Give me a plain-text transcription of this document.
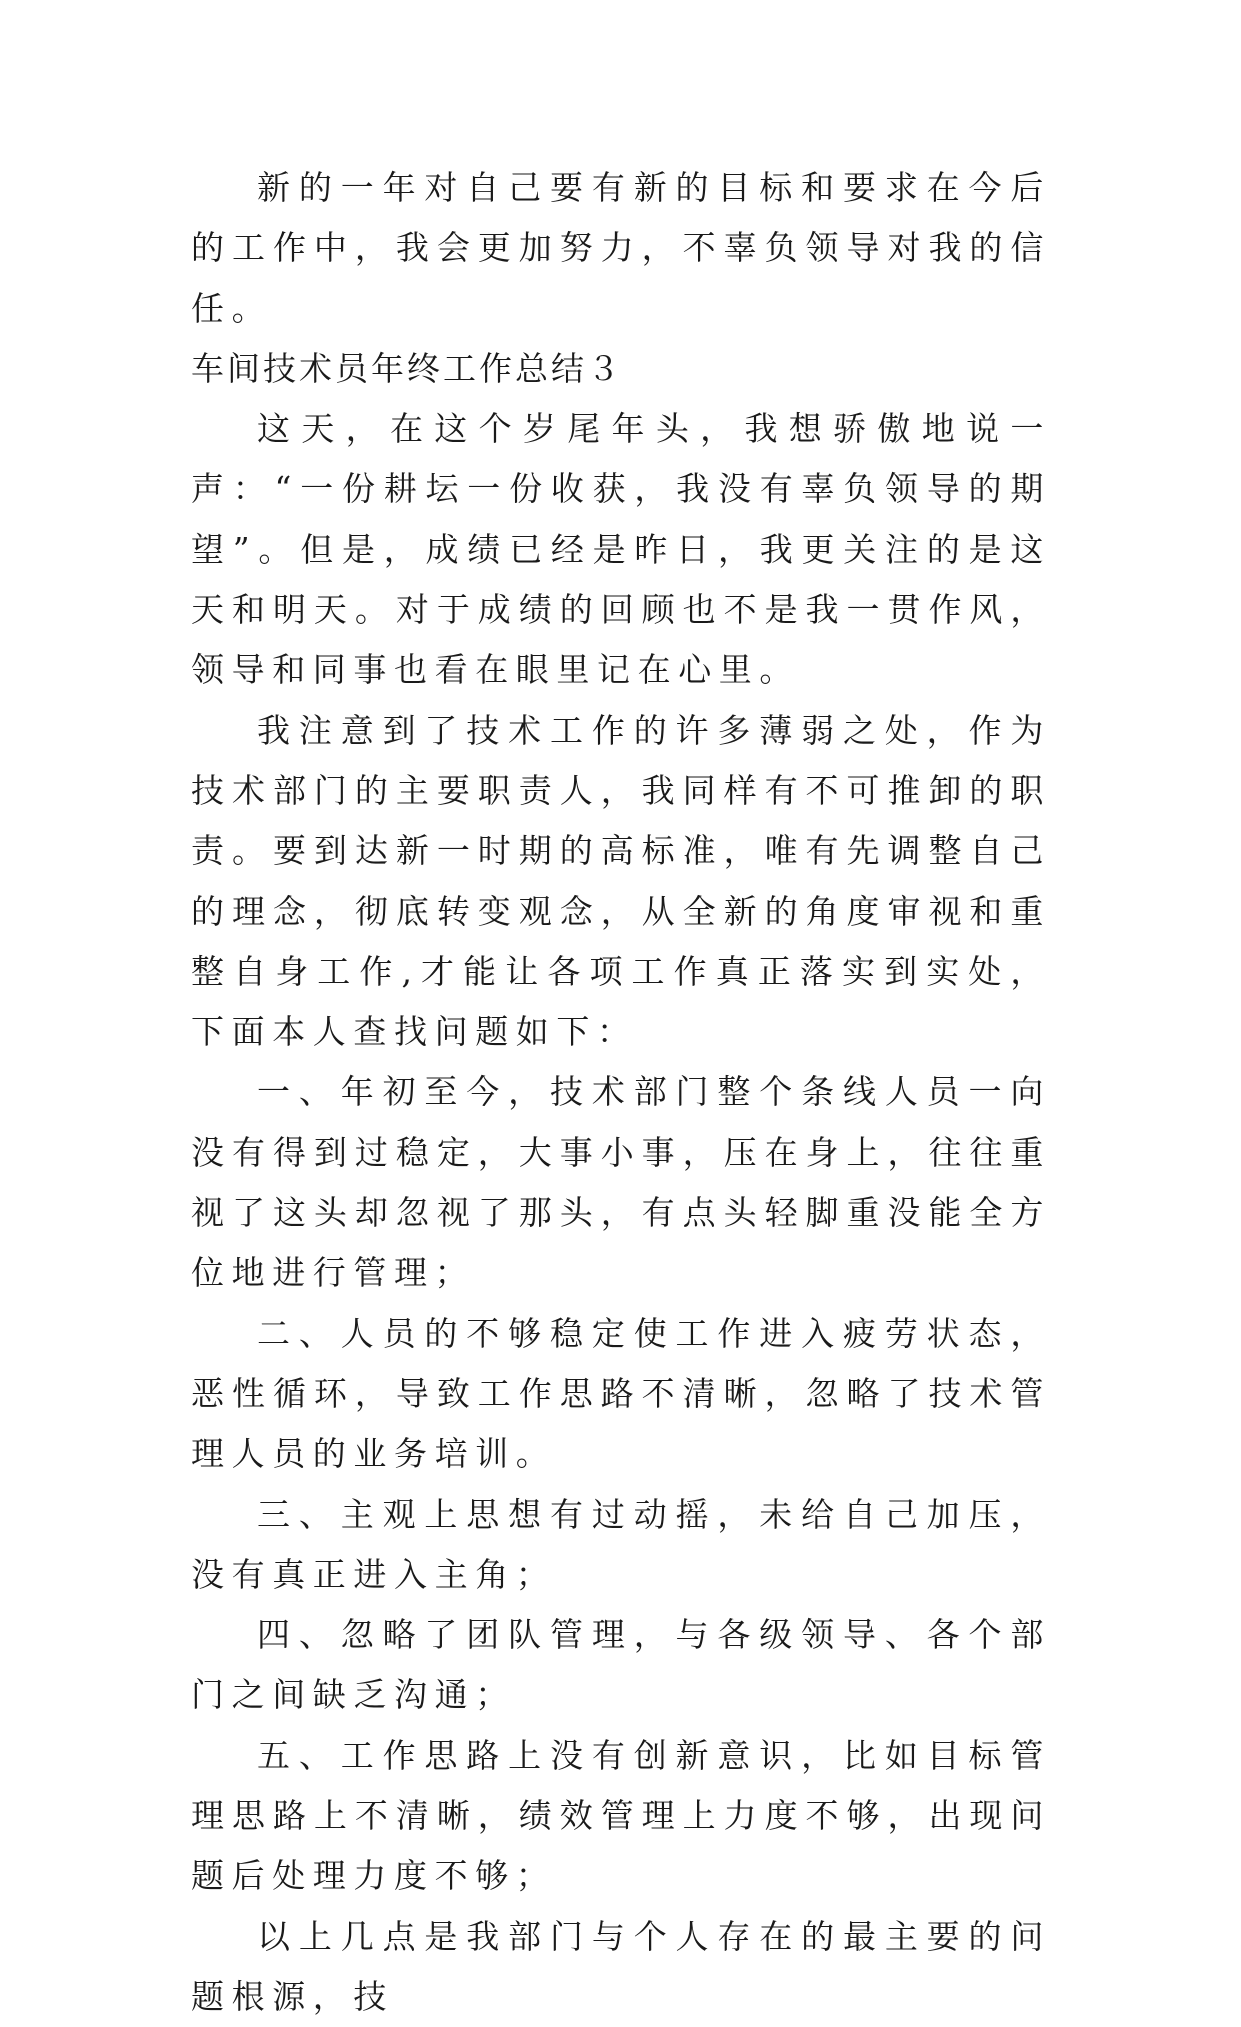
新的一年对自己要有新的目标和要求在今后的工作中，我会更加努力，不辜负领导对我的信任。

车间技术员年终工作总结３

这天，在这个岁尾年头，我想骄傲地说一声：“一份耕坛一份收获，我没有辜负领导的期望”。但是，成绩已经是昨日，我更关注的是这天和明天。对于成绩的回顾也不是我一贯作风，领导和同事也看在眼里记在心里。

我注意到了技术工作的许多薄弱之处，作为技术部门的主要职责人，我同样有不可推卸的职责。要到达新一时期的高标准，唯有先调整自己的理念，彻底转变观念，从全新的角度审视和重整自身工作,才能让各项工作真正落实到实处，下面本人查找问题如下：

一、年初至今，技术部门整个条线人员一向没有得到过稳定，大事小事，压在身上，往往重视了这头却忽视了那头，有点头轻脚重没能全方位地进行管理；

二、人员的不够稳定使工作进入疲劳状态，恶性循环，导致工作思路不清晰，忽略了技术管理人员的业务培训。

三、主观上思想有过动摇，未给自己加压，没有真正进入主角；

四、忽略了团队管理，与各级领导、各个部门之间缺乏沟通；

五、工作思路上没有创新意识，比如目标管理思路上不清晰，绩效管理上力度不够，出现问题后处理力度不够；

以上几点是我部门与个人存在的最主要的问题根源，技
